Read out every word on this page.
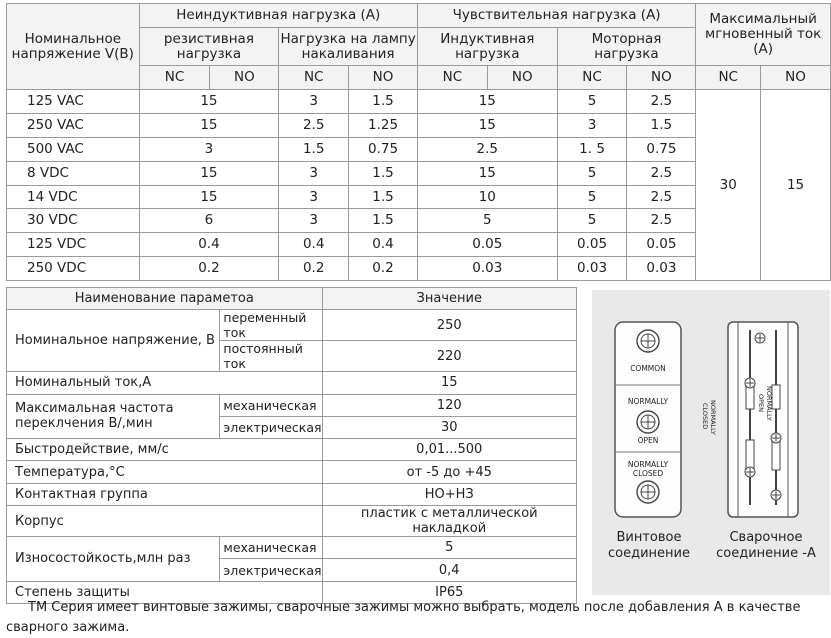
Номинальное напряжение V(B)	Неиндуктивная нагрузка (А)				Чувствительная нагрузка (А)				Максимальный мгновенный ток (А)	
	резистивная нагрузка		Нагрузка на лампу накаливания		Индуктивная нагрузка		Моторная нагрузка			
	NC	NO	NC	NO	NC	NO	NC	NO	NC	NO
125 VAC	15		3	1.5	15		5	2.5	30	15
250 VAC	15		2.5	1.25	15		3	1.5		
500 VAC	3		1.5	0.75	2.5		1. 5	0.75		
8 VDC	15		3	1.5	15		5	2.5		
14 VDC	15		3	1.5	10		5	2.5		
30 VDC	6		3	1.5	5		5	2.5		
125 VDC	0.4		0.4	0.4	0.05		0.05	0.05		
250 VDC	0.2		0.2	0.2	0.03		0.03	0.03		
Наименование параметоа		Значение
Номинальное напряжение, В	переменный ток	250
	постоянный ток	220
Номинальный ток,А		15
Максимальная частота переклчения В/,мин	механическая	120
	электрическая	30
Быстродействие, мм/с		0,01...500
Температура,°C		от -5 до +45
Контактная группа		НО+НЗ
Корпус		пластик с металлической накладкой
Износостойкость,млн раз	механическая	5
	электрическая	0,4
Степень защиты		IP65
COMMON
NORMALLY
OPEN
NORMALLY
CLOSED
NORMALLY
CLOSED	NORMALLY
OPEN
Винтовое соединение
Сварочное соединение -А
TM Серия имеет винтовые зажимы, сварочные зажимы можно выбрать, модель после добавления А в качестве сварного зажима.
